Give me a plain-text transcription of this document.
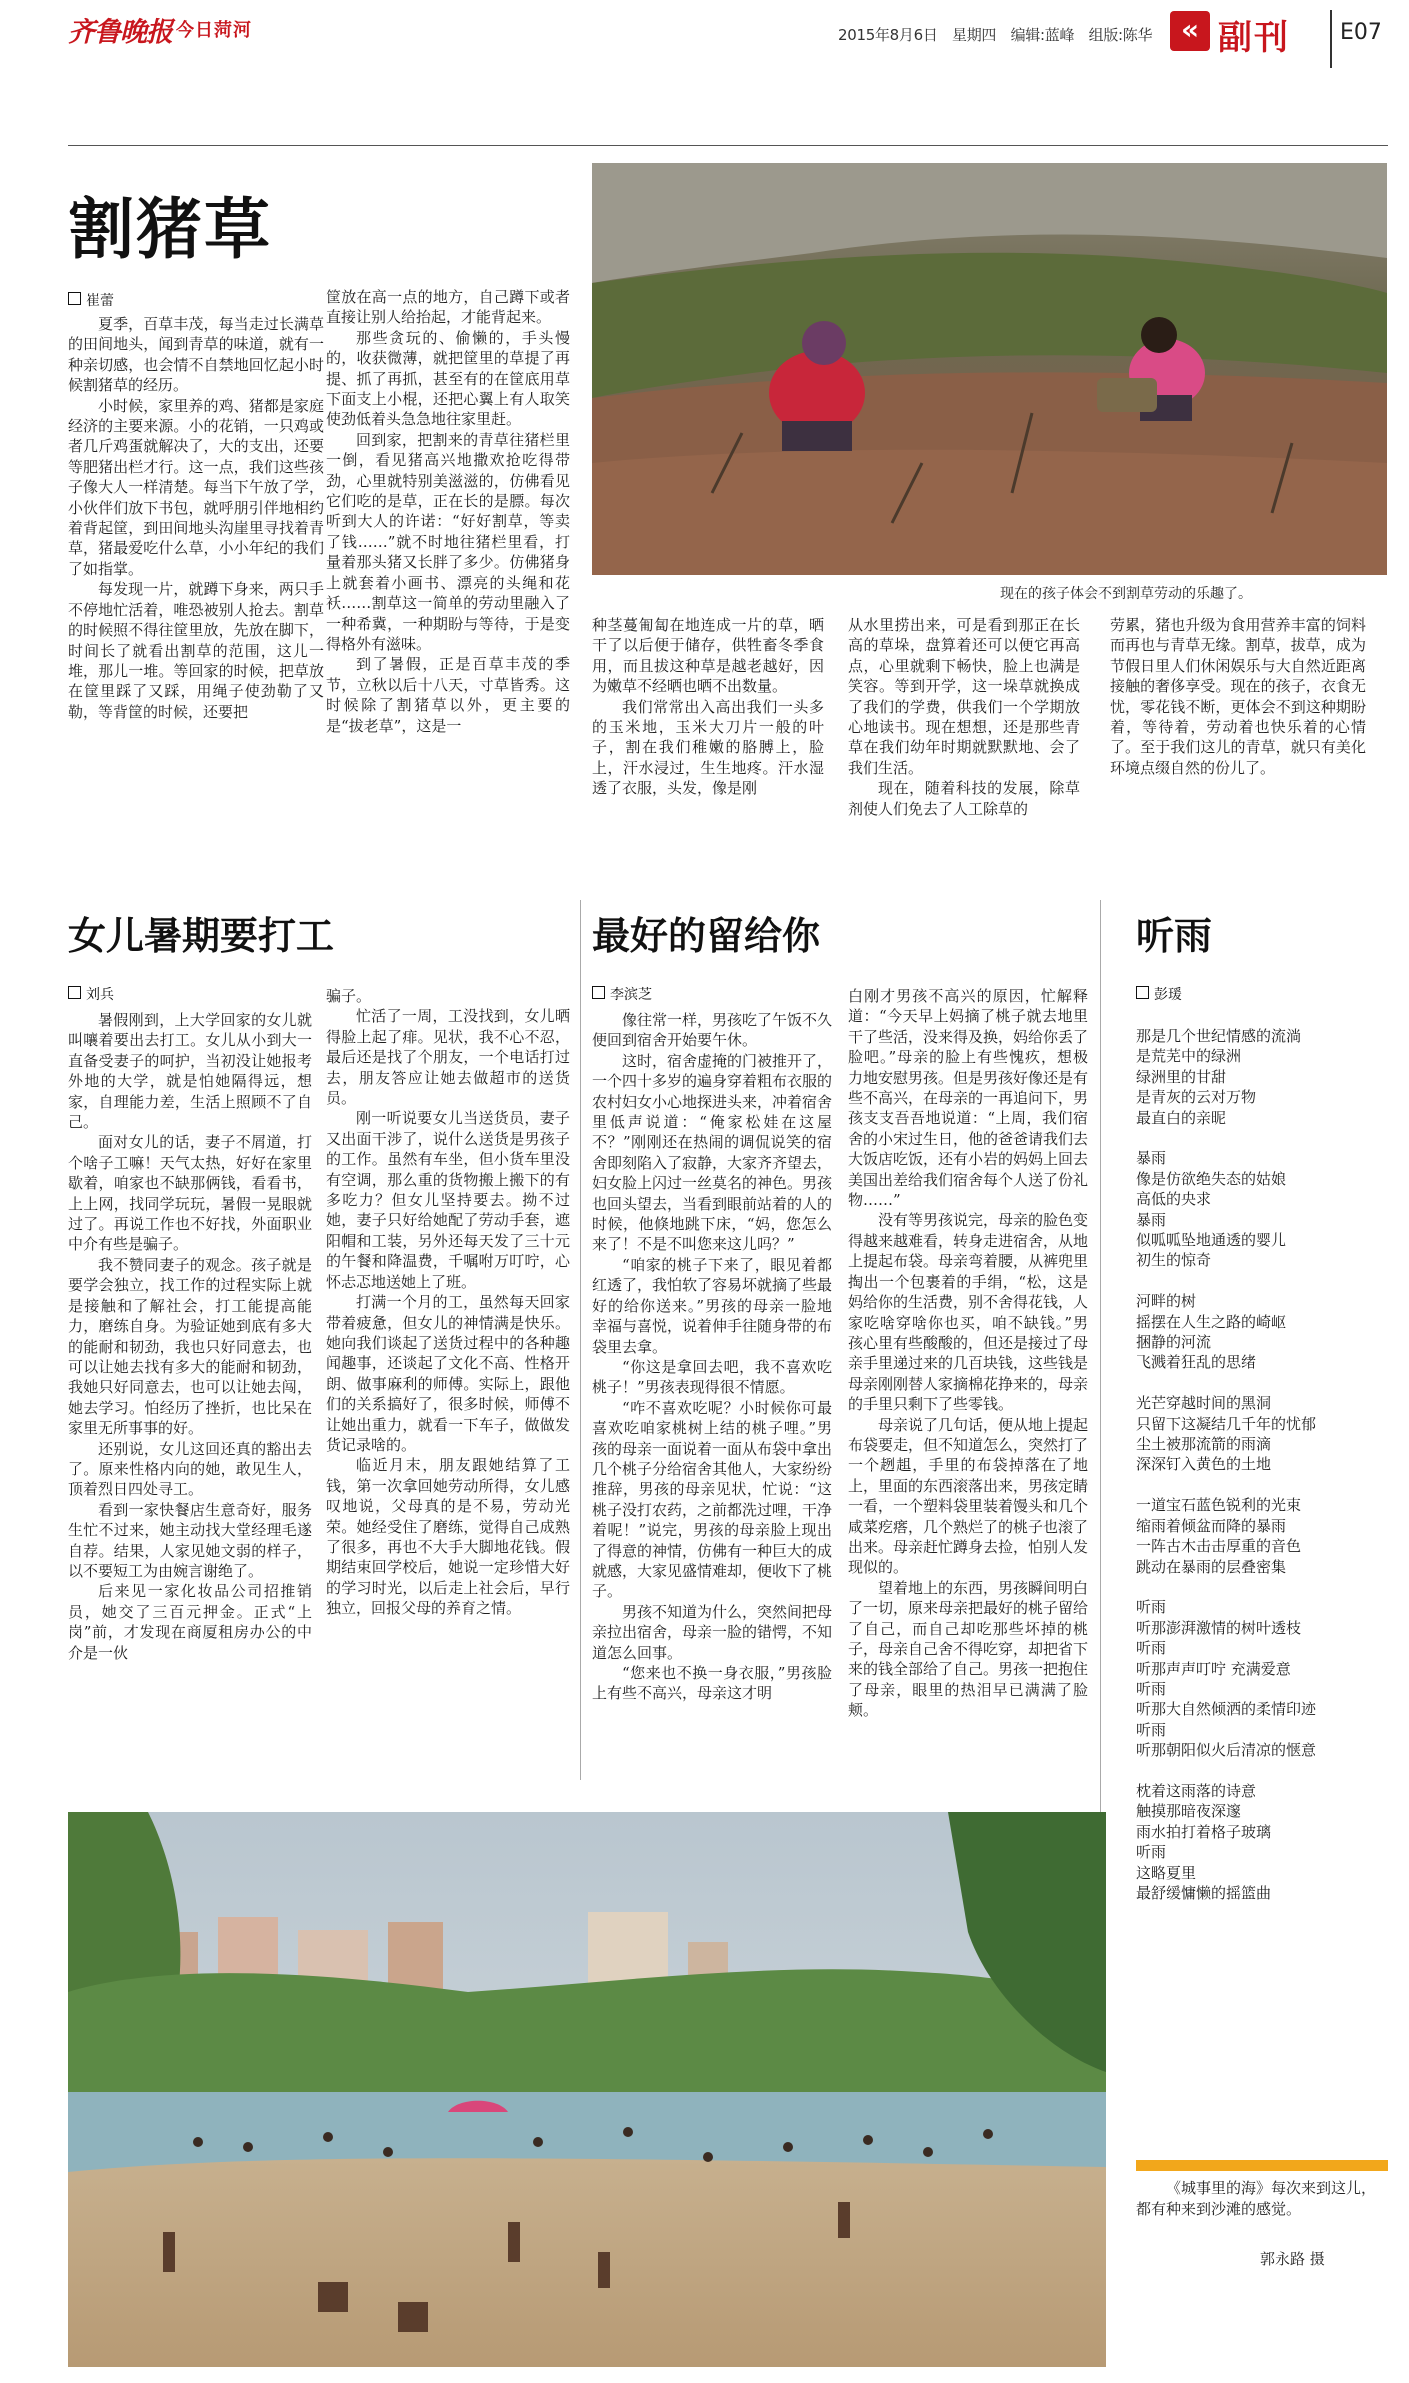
齐鲁晚报 今日菏河	2015年8月6日 星期四 编辑:蓝峰 组版:陈华	« 副刊 E07
割猪草
崔蕾

夏季，百草丰茂，每当走过长满草的田间地头，闻到青草的味道，就有一种亲切感，也会情不自禁地回忆起小时候割猪草的经历。

小时候，家里养的鸡、猪都是家庭经济的主要来源。小的花销，一只鸡或者几斤鸡蛋就解决了，大的支出，还要等肥猪出栏才行。这一点，我们这些孩子像大人一样清楚。每当下午放了学，小伙伴们放下书包，就呼朋引伴地相约着背起筐，到田间地头沟崖里寻找着青草，猪最爱吃什么草，小小年纪的我们了如指掌。

每发现一片，就蹲下身来，两只手不停地忙活着，唯恐被别人抢去。割草的时候照不得往筐里放，先放在脚下，时间长了就看出割草的范围，这儿一堆，那儿一堆。等回家的时候，把草放在筐里踩了又踩，用绳子使劲勒了又勒，等背筐的时候，还要把

筐放在高一点的地方，自己蹲下或者直接让别人给抬起，才能背起来。

那些贪玩的、偷懒的，手头慢的，收获微薄，就把筐里的草提了再提、抓了再抓，甚至有的在筐底用草下面支上小棍，还把心翼上有人取笑使劲低着头急急地往家里赶。

回到家，把割来的青草往猪栏里一倒，看见猪高兴地撒欢抢吃得带劲，心里就特别美滋滋的，仿佛看见它们吃的是草，正在长的是膘。每次听到大人的许诺：“好好割草，等卖了钱……”就不时地往猪栏里看，打量着那头猪又长胖了多少。仿佛猪身上就套着小画书、漂亮的头绳和花袄……割草这一简单的劳动里融入了一种希冀，一种期盼与等待，于是变得格外有滋味。

到了暑假，正是百草丰茂的季节，立秋以后十八天，寸草皆秀。这时候除了割猪草以外，更主要的是“拔老草”，这是一

现在的孩子体会不到割草劳动的乐趣了。

种茎蔓匍匐在地连成一片的草，晒干了以后便于储存，供牲畜冬季食用，而且拔这种草是越老越好，因为嫩草不经晒也晒不出数量。

我们常常出入高出我们一头多的玉米地，玉米大刀片一般的叶子，割在我们稚嫩的胳膊上，脸上，汗水浸过，生生地疼。汗水湿透了衣服，头发，像是刚

从水里捞出来，可是看到那正在长高的草垛，盘算着还可以便它再高点，心里就剩下畅快，脸上也满是笑容。等到开学，这一垛草就换成了我们的学费，供我们一个学期放心地读书。现在想想，还是那些青草在我们幼年时期就默默地、会了我们生活。

现在，随着科技的发展，除草剂使人们免去了人工除草的

劳累，猪也升级为食用营养丰富的饲料而再也与青草无缘。割草，拔草，成为节假日里人们休闲娱乐与大自然近距离接触的奢侈享受。现在的孩子，衣食无忧，零花钱不断，更体会不到这种期盼着，等待着，劳动着也快乐着的心情了。至于我们这儿的青草，就只有美化环境点缀自然的份儿了。

女儿暑期要打工
刘兵

暑假刚到，上大学回家的女儿就叫嚷着要出去打工。女儿从小到大一直备受妻子的呵护，当初没让她报考外地的大学，就是怕她隔得远，想家，自理能力差，生活上照顾不了自己。

面对女儿的话，妻子不屑道，打个啥子工嘛！天气太热，好好在家里歇着，咱家也不缺那俩钱，看看书，上上网，找同学玩玩，暑假一晃眼就过了。再说工作也不好找，外面职业中介有些是骗子。

我不赞同妻子的观念。孩子就是要学会独立，找工作的过程实际上就是接触和了解社会，打工能提高能力，磨练自身。为验证她到底有多大的能耐和韧劲，我也只好同意去，也可以让她去找有多大的能耐和韧劲，我她只好同意去，也可以让她去闯，她去学习。怕经历了挫折，也比呆在家里无所事事的好。

还别说，女儿这回还真的豁出去了。原来性格内向的她，敢见生人，顶着烈日四处寻工。

看到一家快餐店生意奇好，服务生忙不过来，她主动找大堂经理毛遂自荐。结果，人家见她文弱的样子，以不要短工为由婉言谢绝了。

后来见一家化妆品公司招推销员，她交了三百元押金。正式“上岗”前，才发现在商厦租房办公的中介是一伙

骗子。

忙活了一周，工没找到，女儿晒得脸上起了痱。见状，我不心不忍，最后还是找了个朋友，一个电话打过去，朋友答应让她去做超市的送货员。

刚一听说要女儿当送货员，妻子又出面干涉了，说什么送货是男孩子的工作。虽然有车坐，但小货车里没有空调，那么重的货物搬上搬下的有多吃力？但女儿坚持要去。拗不过她，妻子只好给她配了劳动手套，遮阳帽和工装，另外还每天发了三十元的午餐和降温费，千嘱咐万叮咛，心怀忐忑地送她上了班。

打满一个月的工，虽然每天回家带着疲惫，但女儿的神情满是快乐。她向我们谈起了送货过程中的各种趣闻趣事，还谈起了文化不高、性格开朗、做事麻利的师傅。实际上，跟他们的关系搞好了，很多时候，师傅不让她出重力，就看一下车子，做做发货记录啥的。

临近月末，朋友跟她结算了工钱，第一次拿回她劳动所得，女儿感叹地说，父母真的是不易，劳动光荣。她经受住了磨练，觉得自己成熟了很多，再也不大手大脚地花钱。假期结束回学校后，她说一定珍惜大好的学习时光，以后走上社会后，早行独立，回报父母的养育之情。

最好的留给你
李滨芝

像往常一样，男孩吃了午饭不久便回到宿舍开始要午休。

这时，宿舍虚掩的门被推开了，一个四十多岁的遍身穿着粗布衣服的农村妇女小心地探进头来，冲着宿舍里低声说道：“俺家松娃在这屋不？”刚刚还在热闹的调侃说笑的宿舍即刻陷入了寂静，大家齐齐望去，妇女脸上闪过一丝莫名的神色。男孩也回头望去，当看到眼前站着的人的时候，他倏地跳下床，“妈，您怎么来了！不是不叫您来这儿吗？”

“咱家的桃子下来了，眼见着都红透了，我怕软了容易坏就摘了些最好的给你送来。”男孩的母亲一脸地幸福与喜悦，说着伸手往随身带的布袋里去拿。

“你这是拿回去吧，我不喜欢吃桃子！”男孩表现得很不情愿。

“咋不喜欢吃呢？小时候你可最喜欢吃咱家桃树上结的桃子哩。”男孩的母亲一面说着一面从布袋中拿出几个桃子分给宿舍其他人，大家纷纷推辞，男孩的母亲见状，忙说：“这桃子没打农药，之前都洗过哩，干净着呢！”说完，男孩的母亲脸上现出了得意的神情，仿佛有一种巨大的成就感，大家见盛情难却，便收下了桃子。

男孩不知道为什么，突然间把母亲拉出宿舍，母亲一脸的错愕，不知道怎么回事。

“您来也不换一身衣服，”男孩脸上有些不高兴，母亲这才明

白刚才男孩不高兴的原因，忙解释道：“今天早上妈摘了桃子就去地里干了些活，没来得及换，妈给你丢了脸吧。”母亲的脸上有些愧疚，想极力地安慰男孩。但是男孩好像还是有些不高兴，在母亲的一再追问下，男孩支支吾吾地说道：“上周，我们宿舍的小宋过生日，他的爸爸请我们去大饭店吃饭，还有小岩的妈妈上回去美国出差给我们宿舍每个人送了份礼物……”

没有等男孩说完，母亲的脸色变得越来越难看，转身走进宿舍，从地上提起布袋。母亲弯着腰，从裤兜里掏出一个包裹着的手绢，“松，这是妈给你的生活费，别不舍得花钱，人家吃啥穿啥你也买，咱不缺钱。”男孩心里有些酸酸的，但还是接过了母亲手里递过来的几百块钱，这些钱是母亲刚刚替人家摘棉花挣来的，母亲的手里只剩下了些零钱。

母亲说了几句话，便从地上提起布袋要走，但不知道怎么，突然打了一个趔趄，手里的布袋掉落在了地上，里面的东西滚落出来，男孩定睛一看，一个塑料袋里装着馒头和几个咸菜疙瘩，几个熟烂了的桃子也滚了出来。母亲赶忙蹲身去捡，怕别人发现似的。

望着地上的东西，男孩瞬间明白了一切，原来母亲把最好的桃子留给了自己，而自己却吃那些坏掉的桃子，母亲自己舍不得吃穿，却把省下来的钱全部给了自己。男孩一把抱住了母亲，眼里的热泪早已满满了脸颊。

听雨
彭瑗

那是几个世纪情感的流淌

是荒芜中的绿洲

绿洲里的甘甜

是青灰的云对万物

最直白的亲昵

暴雨

像是仿欲绝失态的姑娘

高低的央求

暴雨

似呱呱坠地通透的婴儿

初生的惊奇

河畔的树

摇摆在人生之路的崎岖

捆静的河流

飞溅着狂乱的思绪

光芒穿越时间的黑洞

只留下这凝结几千年的忧郁

尘土被那流箭的雨滴

深深钉入黄色的土地

一道宝石蓝色锐利的光束

缩雨着倾盆而降的暴雨

一阵古木击击厚重的音色

跳动在暴雨的层叠密集

听雨

听那澎湃激情的树叶透枝

听雨

听那声声叮咛 充满爱意

听雨

听那大自然倾洒的柔情印迹

听雨

听那朝阳似火后清凉的惬意

枕着这雨落的诗意

触摸那暗夜深邃

雨水拍打着格子玻璃

听雨

这略夏里

最舒缓慵懒的摇篮曲

《城事里的海》每次来到这儿，都有种来到沙滩的感觉。

郭永路 摄
